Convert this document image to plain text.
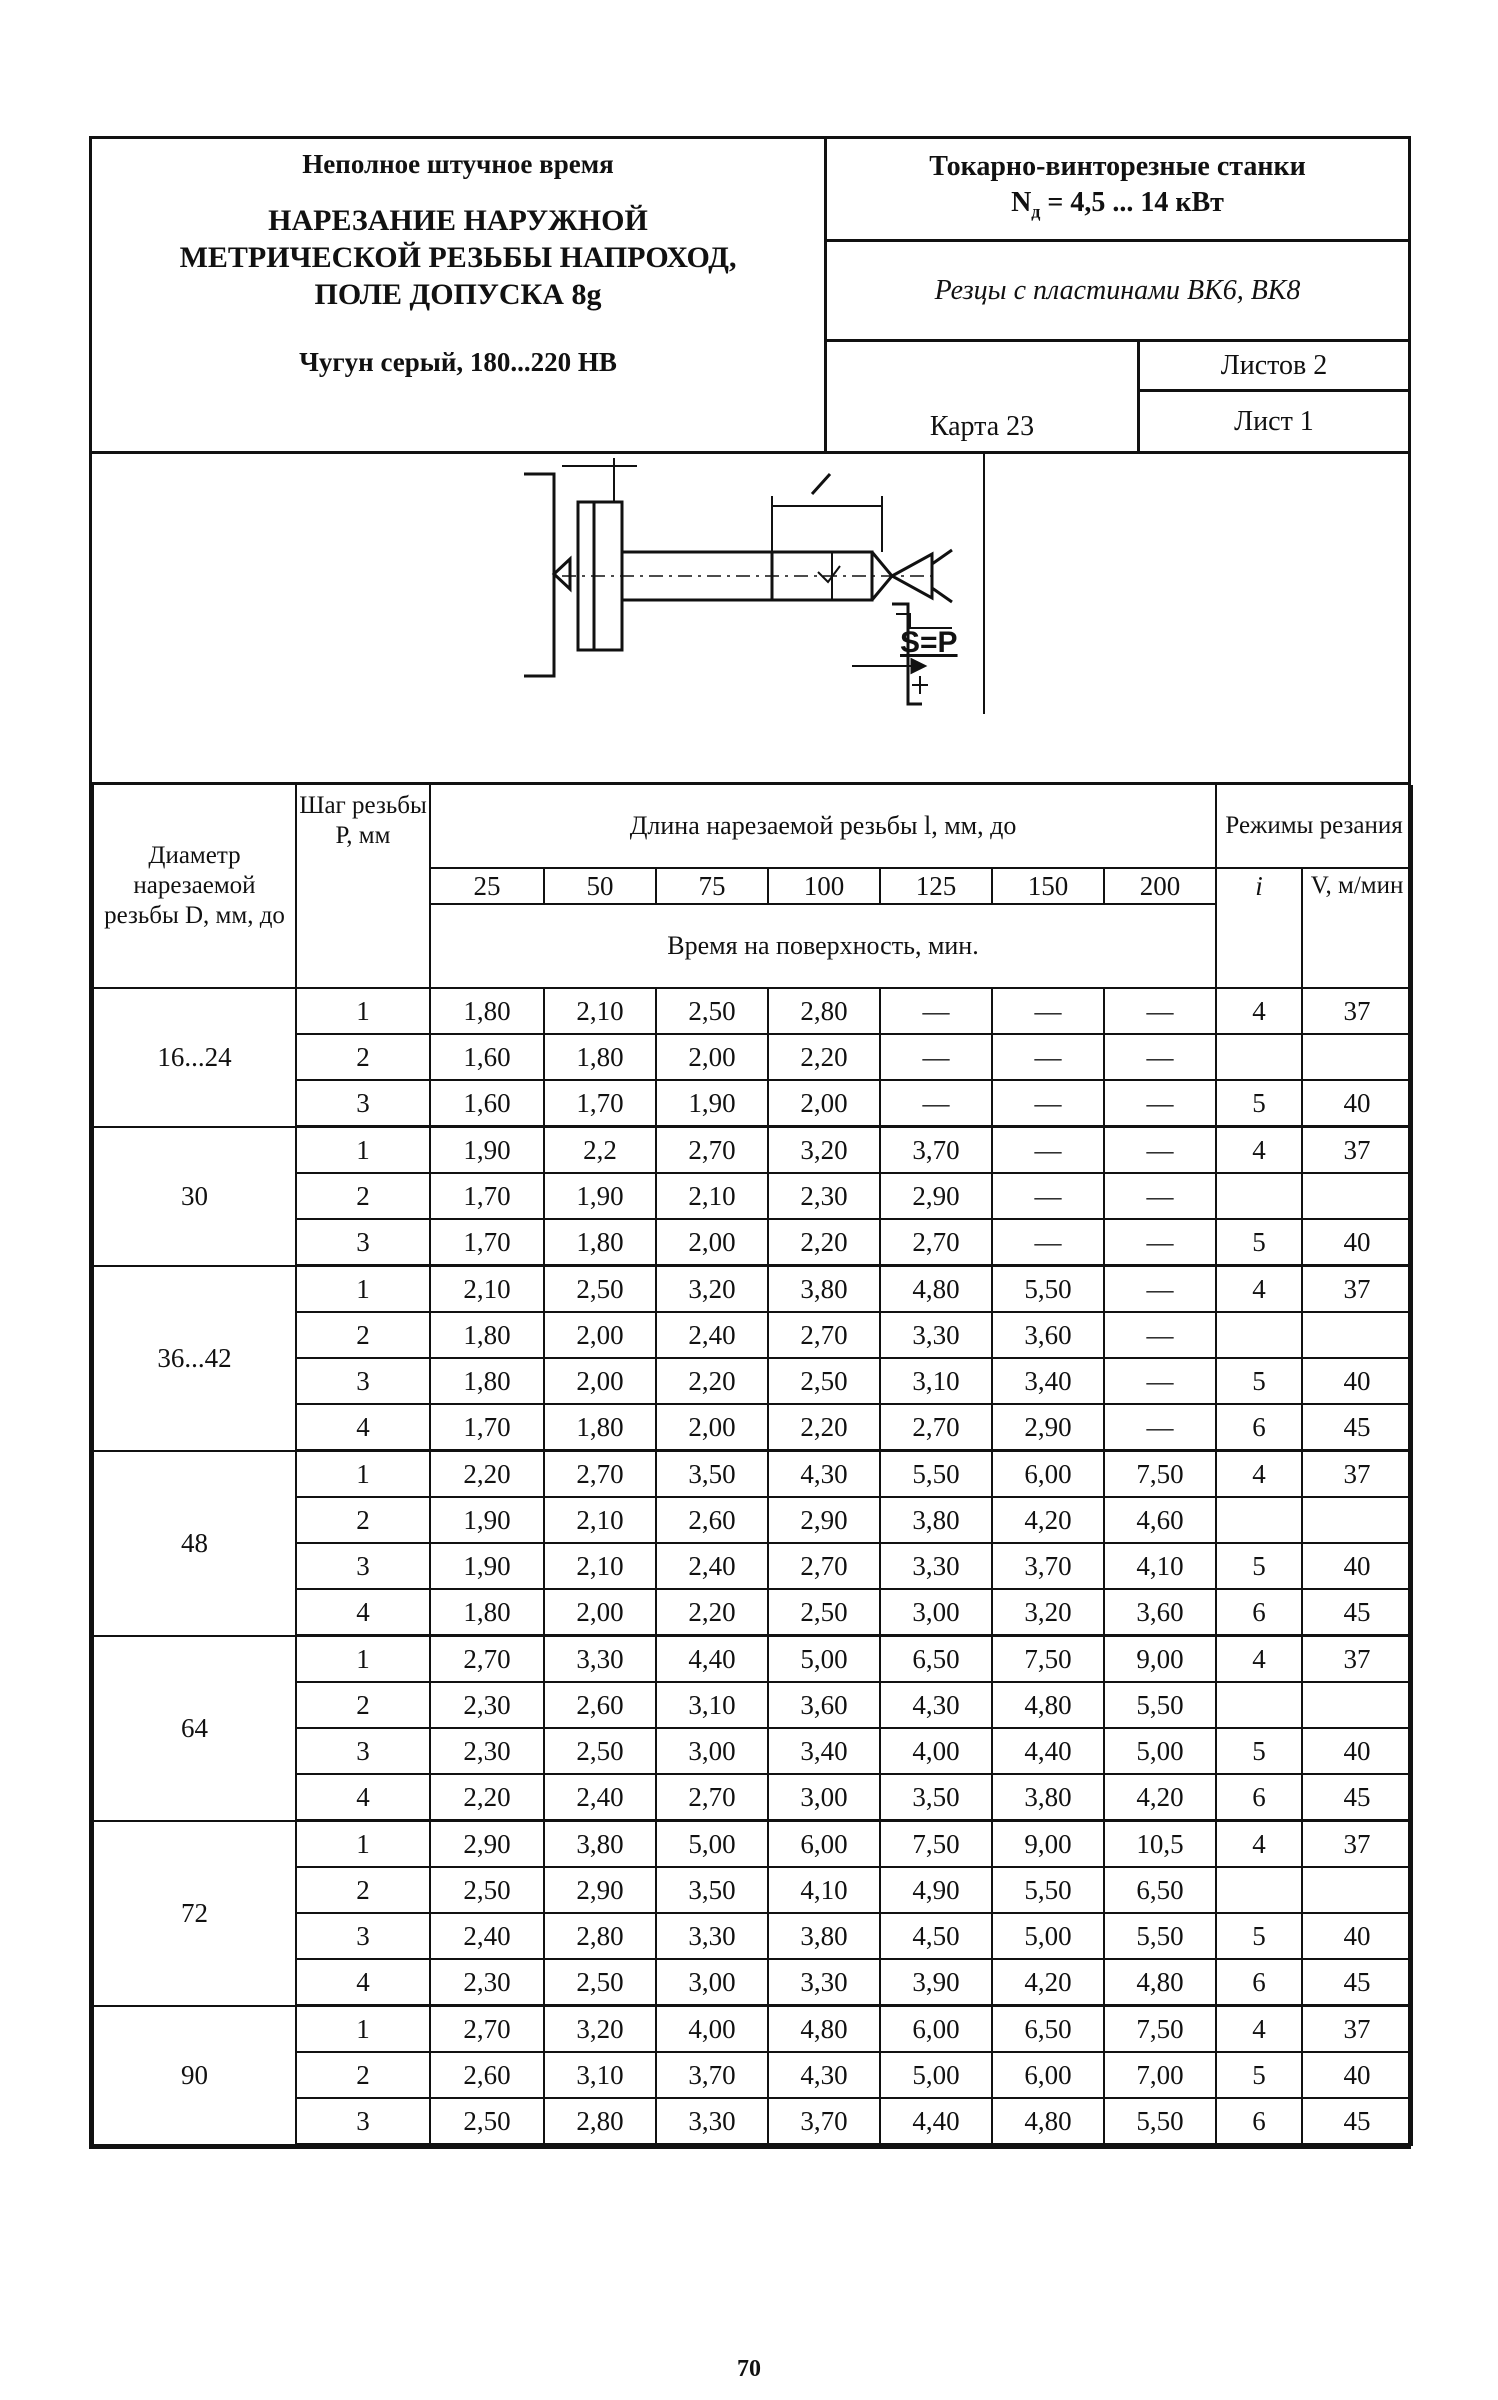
Неполное штучное время
НАРЕЗАНИЕ НАРУЖНОЙ
МЕТРИЧЕСКОЙ РЕЗЬБЫ НАПРОХОД,
ПОЛЕ ДОПУСКА 8g
Чугун серый, 180...220 НВ
Токарно-винторезные станки
$N_д = 4,5$ ... 14 кВт
Резцы с пластинами ВК6, ВК8
Карта 23
Листов 2
Лист 1
S=P
Диаметр нарезаемой резьбы D, мм, до	Шаг резьбы Р, мм	Длина нарезаемой резьбы l, мм, до							Режимы резания	
		25	50	75	100	125	150	200	i	V, м/мин
		Время на поверхность, мин.								
16...24	1	1,80	2,10	2,50	2,80	—	—	—	4	37
	2	1,60	1,80	2,00	2,20	—	—	—		
	3	1,60	1,70	1,90	2,00	—	—	—	5	40
30	1	1,90	2,2	2,70	3,20	3,70	—	—	4	37
	2	1,70	1,90	2,10	2,30	2,90	—	—		
	3	1,70	1,80	2,00	2,20	2,70	—	—	5	40
36...42	1	2,10	2,50	3,20	3,80	4,80	5,50	—	4	37
	2	1,80	2,00	2,40	2,70	3,30	3,60	—		
	3	1,80	2,00	2,20	2,50	3,10	3,40	—	5	40
	4	1,70	1,80	2,00	2,20	2,70	2,90	—	6	45
48	1	2,20	2,70	3,50	4,30	5,50	6,00	7,50	4	37
	2	1,90	2,10	2,60	2,90	3,80	4,20	4,60		
	3	1,90	2,10	2,40	2,70	3,30	3,70	4,10	5	40
	4	1,80	2,00	2,20	2,50	3,00	3,20	3,60	6	45
64	1	2,70	3,30	4,40	5,00	6,50	7,50	9,00	4	37
	2	2,30	2,60	3,10	3,60	4,30	4,80	5,50		
	3	2,30	2,50	3,00	3,40	4,00	4,40	5,00	5	40
	4	2,20	2,40	2,70	3,00	3,50	3,80	4,20	6	45
72	1	2,90	3,80	5,00	6,00	7,50	9,00	10,5	4	37
	2	2,50	2,90	3,50	4,10	4,90	5,50	6,50		
	3	2,40	2,80	3,30	3,80	4,50	5,00	5,50	5	40
	4	2,30	2,50	3,00	3,30	3,90	4,20	4,80	6	45
90	1	2,70	3,20	4,00	4,80	6,00	6,50	7,50	4	37
	2	2,60	3,10	3,70	4,30	5,00	6,00	7,00	5	40
	3	2,50	2,80	3,30	3,70	4,40	4,80	5,50	6	45
70
